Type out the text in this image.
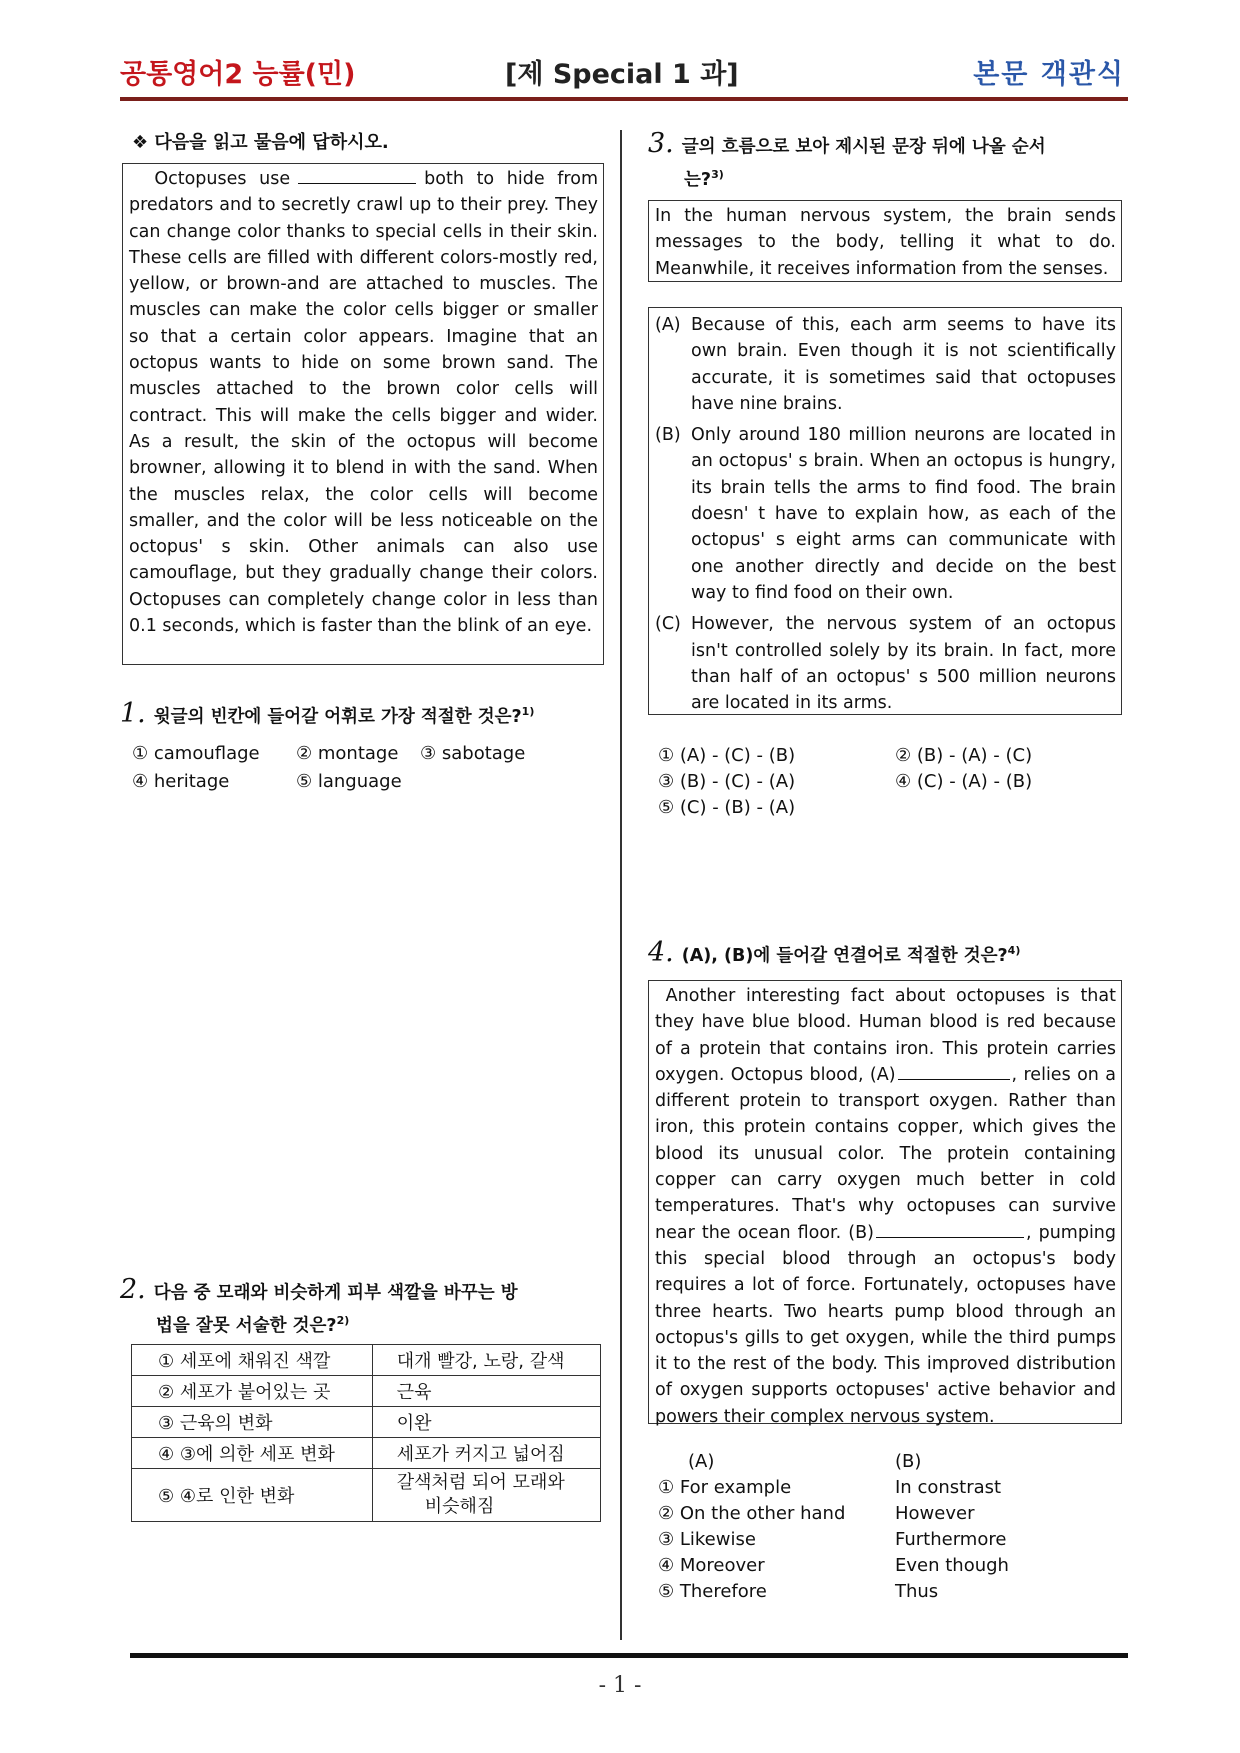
공통영어2 능률(민)	[제 Special 1 과]	본문 객관식
❖ 다음을 읽고 물음에 답하시오.
Octopuses use	both to hide from predators and to secretly crawl up to their prey. They can change color thanks to special cells in their skin. These cells are filled with different colors-mostly red, yellow, or brown-and are attached to muscles. The muscles can make the color cells bigger or smaller so that a certain color appears. Imagine that an octopus wants to hide on some brown sand. The muscles attached to the brown color cells will contract. This will make the cells bigger and wider. As a result, the skin of the octopus will become browner, allowing it to blend in with the sand. When the muscles relax, the color cells will become smaller, and the color will be less noticeable on the octopus' s skin. Other animals can also use camouflage, but they gradually change their colors. Octopuses can completely change color in less than 0.1 seconds, which is faster than the blink of an eye.
1. 윗글의 빈칸에 들어갈 어휘로 가장 적절한 것은?$^{1)}$
① camouflage ② montage ③ sabotage
④ heritage	⑤ language
2. 다음 중 모래와 비슷하게 피부 색깔을 바꾸는 방
법을 잘못 서술한 것은?$^{2)}$
① 세포에 채워진 색깔	대개 빨강, 노랑, 갈색
② 세포가 붙어있는 곳	근육
③ 근육의 변화	이완
④ ③에 의한 세포 변화	세포가 커지고 넓어짐
⑤ ④로 인한 변화	갈색처럼 되어 모래와
비슷해짐
3. 글의 흐름으로 보아 제시된 문장 뒤에 나올 순서
는?$^{3)}$
In the human nervous system, the brain sends messages to the body, telling it what to do. Meanwhile, it receives information from the senses.
(A) Because of this, each arm seems to have its own brain. Even though it is not scientifically accurate, it is sometimes said that octopuses have nine brains.
(B) Only around 180 million neurons are located in an octopus' s brain. When an octopus is hungry, its brain tells the arms to find food. The brain doesn' t have to explain how, as each of the octopus' s eight arms can communicate with one another directly and decide on the best way to find food on their own.
(C) However, the nervous system of an octopus isn't controlled solely by its brain. In fact, more than half of an octopus' s 500 million neurons are located in its arms.
① (A) - (C) - (B)	② (B) - (A) - (C)
③ (B) - (C) - (A)	④ (C) - (A) - (B)
⑤ (C) - (B) - (A)
4. (A), (B)에 들어갈 연결어로 적절한 것은?$^{4)}$
Another interesting fact about octopuses is that they have blue blood. Human blood is red because of a protein that contains iron. This protein carries oxygen. Octopus blood, (A)	, relies on a different protein to transport oxygen. Rather than iron, this protein contains copper, which gives the blood its unusual color. The protein containing copper can carry oxygen much better in cold temperatures. That's why octopuses can survive near the ocean floor. (B)	, pumping this special blood through an octopus's body requires a lot of force. Fortunately, octopuses have three hearts. Two hearts pump blood through an octopus's gills to get oxygen, while the third pumps it to the rest of the body. This improved distribution of oxygen supports octopuses' active behavior and powers their complex nervous system.
(A)	(B)
① For example	In constrast
② On the other hand	However
③ Likewise	Furthermore
④ Moreover	Even though
⑤ Therefore	Thus
- 1 -
